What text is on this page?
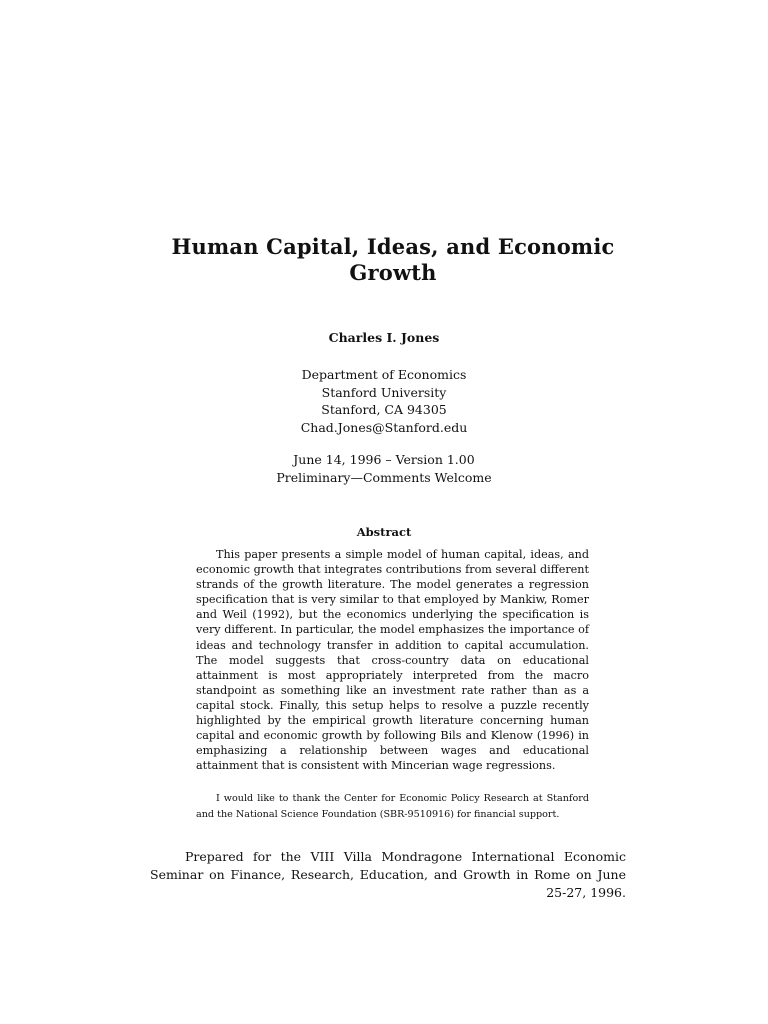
Human Capital, Ideas, and Economic Growth
Charles I. Jones
Department of Economics
Stanford University
Stanford, CA 94305
Chad.Jones@Stanford.edu
June 14, 1996 – Version 1.00
Preliminary—Comments Welcome
Abstract

This paper presents a simple model of human capital, ideas, and economic growth that integrates contributions from several different strands of the growth literature. The model generates a regression specification that is very similar to that employed by Mankiw, Romer and Weil (1992), but the economics underlying the specification is very different. In particular, the model emphasizes the importance of ideas and technology transfer in addition to capital accumulation. The model suggests that cross-country data on educational attainment is most appropriately interpreted from the macro standpoint as something like an investment rate rather than as a capital stock. Finally, this setup helps to resolve a puzzle recently highlighted by the empirical growth literature concerning human capital and economic growth by following Bils and Klenow (1996) in emphasizing a relationship between wages and educational attainment that is consistent with Mincerian wage regressions.

I would like to thank the Center for Economic Policy Research at Stanford and the National Science Foundation (SBR-9510916) for financial support.

Prepared for the VIII Villa Mondragone International Economic Seminar on Finance, Research, Education, and Growth in Rome on June 25-27, 1996.
